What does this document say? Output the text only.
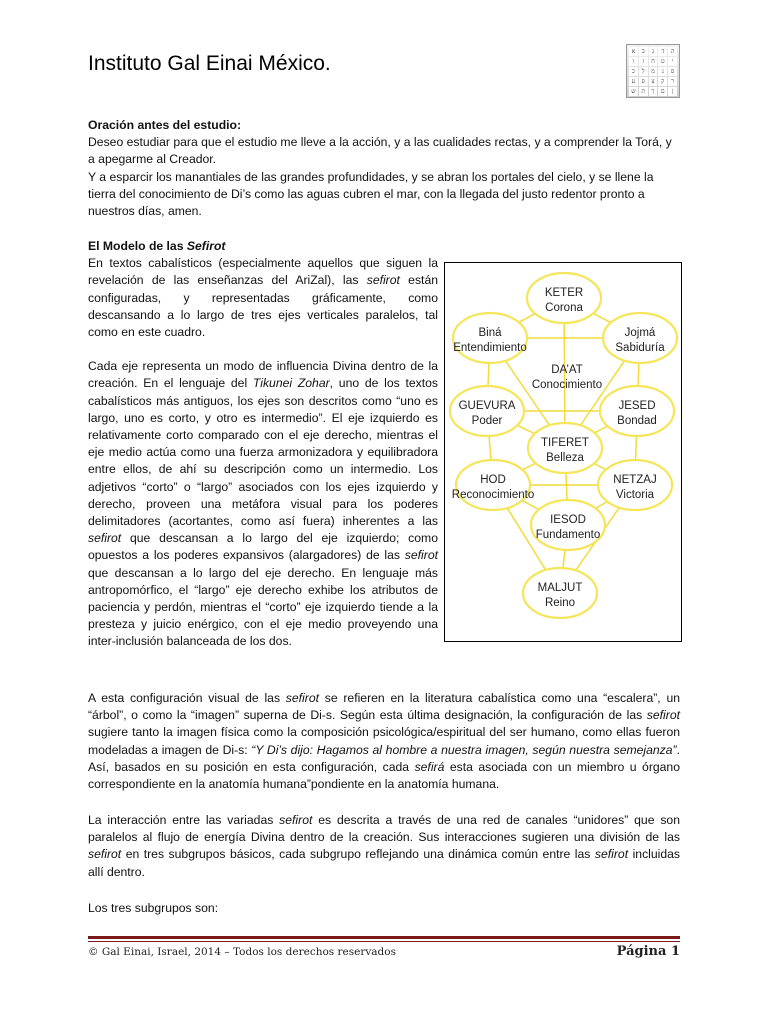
Instituto Gal Einai México.
א	ב	ג	ד	ה
ו	ז	ח	ט	י
כ	ל	מ	נ	ס
ע	פ	צ	ק	ר
ש ת	ך	ם	ן
Oración antes del estudio:
Deseo estudiar para que el estudio me lleve a la acción, y a las cualidades rectas, y a comprender la Torá, y a apegarme al Creador.
Y a esparcir los manantiales de las grandes profundidades, y se abran los portales del cielo, y se llene la tierra del conocimiento de Di’s como las aguas cubren el mar, con la llegada del justo redentor pronto a nuestros días, amen.
El Modelo de las Sefirot
En textos cabalísticos (especialmente aquellos que siguen la revelación de las enseñanzas del AriZal), las sefirot están configuradas, y representadas gráficamente, como descansando a lo largo de tres ejes verticales paralelos, tal como en este cuadro.
Cada eje representa un modo de influencia Divina dentro de la creación. En el lenguaje del Tikunei Zohar, uno de los textos cabalísticos más antiguos, los ejes son descritos como “uno es largo, uno es corto, y otro es intermedio”. El eje izquierdo es relativamente corto comparado con el eje derecho, mientras el eje medio actúa como una fuerza armonizadora y equilibradora entre ellos, de ahí su descripción como un intermedio. Los adjetivos “corto” o “largo” asociados con los ejes izquierdo y derecho, proveen una metáfora visual para los poderes delimitadores (acortantes, como así fuera) inherentes a las sefirot que descansan a lo largo del eje izquierdo; como opuestos a los poderes expansivos (alargadores) de las sefirot que descansan a lo largo del eje derecho. En lenguaje más antropomórfico, el “largo” eje derecho exhibe los atributos de paciencia y perdón, mientras el “corto” eje izquierdo tiende a la presteza y juicio enérgico, con el eje medio proveyendo una inter-inclusión balanceada de los dos.
KETER
Corona
Biná
Entendimiento
Jojmá
Sabiduría
DA’AT
Conocimiento
GUEVURA
Poder
JESED
Bondad
TIFERET
Belleza
HOD
Reconocimiento
NETZAJ
Victoria
IESOD
Fundamento
MALJUT
Reino
A esta configuración visual de las sefirot se refieren en la literatura cabalística como una “escalera”, un “árbol”, o como la “imagen” superna de Di-s. Según esta última designación, la configuración de las sefirot sugiere tanto la imagen física como la composición psicológica/espiritual del ser humano, como ellas fueron modeladas a imagen de Di-s: “Y Di’s dijo: Hagamos al hombre a nuestra imagen, según nuestra semejanza”. Así, basados en su posición en esta configuración, cada sefirá esta asociada con un miembro u órgano correspondiente en la anatomía humana”pondiente en la anatomía humana.
La interacción entre las variadas sefirot es descrita a través de una red de canales “unidores” que son paralelos al flujo de energía Divina dentro de la creación. Sus interacciones sugieren una división de las sefirot en tres subgrupos básicos, cada subgrupo reflejando una dinámica común entre las sefirot incluidas allí dentro.
Los tres subgrupos son:
© Gal Einai, Israel, 2014 – Todos los derechos reservados	Página 1
